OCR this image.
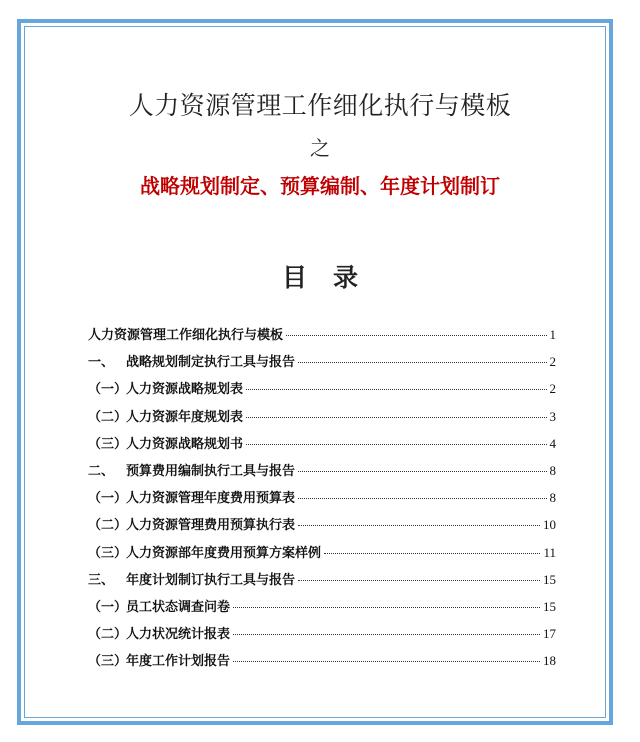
人力资源管理工作细化执行与模板
之
战略规划制定、预算编制、年度计划制订
目录
人力资源管理工作细化执行与模板	1
一、 战略规划制定执行工具与报告	2
（一）人力资源战略规划表	2
（二）人力资源年度规划表	3
（三）人力资源战略规划书	4
二、 预算费用编制执行工具与报告	8
（一）人力资源管理年度费用预算表	8
（二）人力资源管理费用预算执行表	10
（三）人力资源部年度费用预算方案样例	11
三、 年度计划制订执行工具与报告	15
（一）员工状态调查问卷	15
（二）人力状况统计报表	17
（三）年度工作计划报告	18
